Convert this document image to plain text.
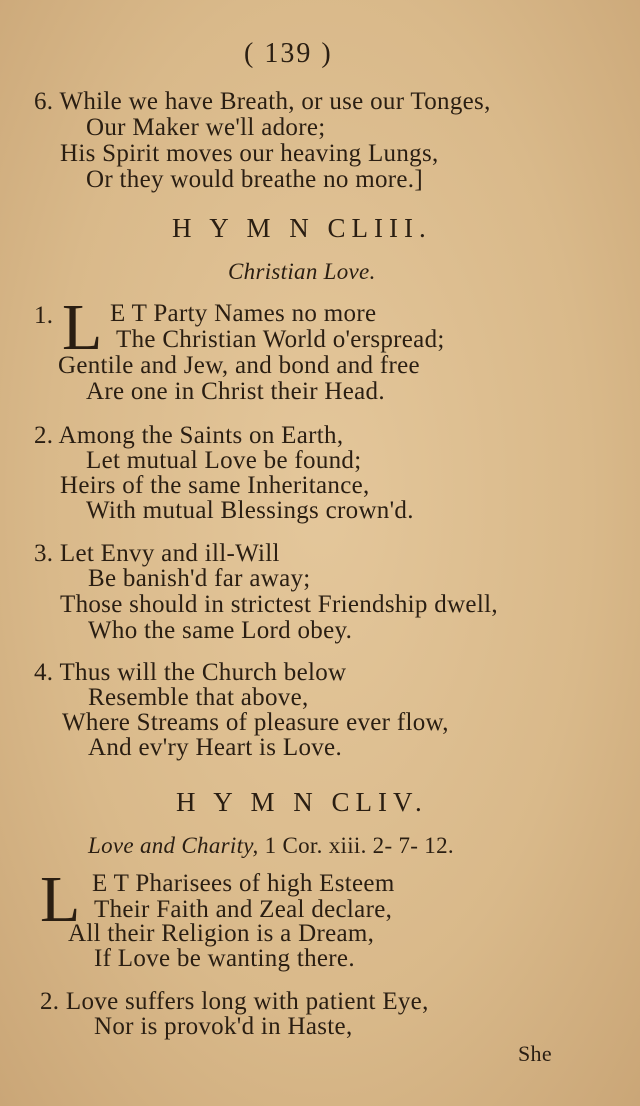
( 139 )
6. While we have Breath, or use our Tonges,
Our Maker we'll adore;
His Spirit moves our heaving Lungs,
Or they would breathe no more.]
H Y M N CLIII.
Christian Love.
1. L E T Party Names no more
The Christian World o'erspread;
Gentile and Jew, and bond and free
Are one in Christ their Head.
2. Among the Saints on Earth,
Let mutual Love be found;
Heirs of the same Inheritance,
With mutual Blessings crown'd.
3. Let Envy and ill-Will
Be banish'd far away;
Those should in strictest Friendship dwell,
Who the same Lord obey.
4. Thus will the Church below
Resemble that above,
Where Streams of pleasure ever flow,
And ev'ry Heart is Love.
H Y M N CLIV.
Love and Charity, 1 Cor. xiii. 2- 7- 12.
L E T Pharisees of high Esteem
Their Faith and Zeal declare,
All their Religion is a Dream,
If Love be wanting there.
2. Love suffers long with patient Eye,
Nor is provok'd in Haste,
She
